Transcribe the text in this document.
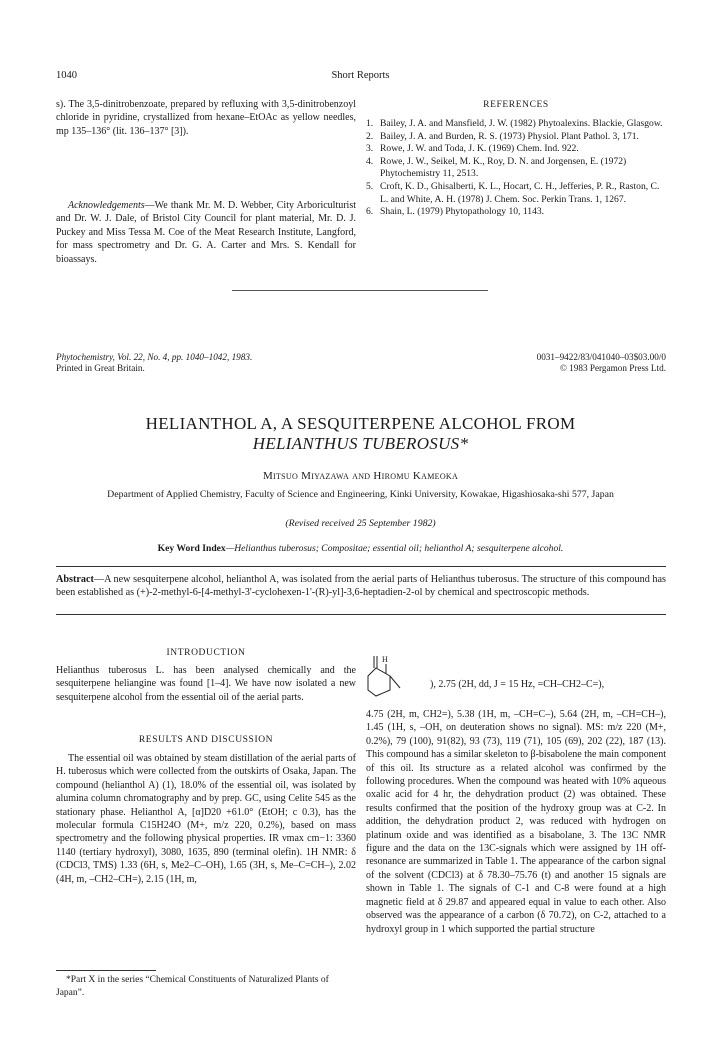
1040	Short Reports
s). The 3,5-dinitrobenzoate, prepared by refluxing with 3,5-dinitrobenzoyl chloride in pyridine, crystallized from hexane–EtOAc as yellow needles, mp 135–136° (lit. 136–137° [3]).
Acknowledgements—We thank Mr. M. D. Webber, City Arboriculturist and Dr. W. J. Dale, of Bristol City Council for plant material, Mr. D. J. Puckey and Miss Tessa M. Coe of the Meat Research Institute, Langford, for mass spectrometry and Dr. G. A. Carter and Mrs. S. Kendall for bioassays.
REFERENCES
1. Bailey, J. A. and Mansfield, J. W. (1982) Phytoalexins. Blackie, Glasgow.
2. Bailey, J. A. and Burden, R. S. (1973) Physiol. Plant Pathol. 3, 171.
3. Rowe, J. W. and Toda, J. K. (1969) Chem. Ind. 922.
4. Rowe, J. W., Seikel, M. K., Roy, D. N. and Jorgensen, E. (1972) Phytochemistry 11, 2513.
5. Croft, K. D., Ghisalberti, K. L., Hocart, C. H., Jefferies, P. R., Raston, C. L. and White, A. H. (1978) J. Chem. Soc. Perkin Trans. 1, 1267.
6. Shain, L. (1979) Phytopathology 10, 1143.
Phytochemistry, Vol. 22, No. 4, pp. 1040–1042, 1983.
Printed in Great Britain.
0031–9422/83/041040–03$03.00/0
© 1983 Pergamon Press Ltd.
HELIANTHOL A, A SESQUITERPENE ALCOHOL FROM
HELIANTHUS TUBEROSUS*
Mitsuo Miyazawa and Hiromu Kameoka
Department of Applied Chemistry, Faculty of Science and Engineering, Kinki University, Kowakae, Higashiosaka-shi 577, Japan
(Revised received 25 September 1982)
Key Word Index—Helianthus tuberosus; Compositae; essential oil; helianthol A; sesquiterpene alcohol.
Abstract—A new sesquiterpene alcohol, helianthol A, was isolated from the aerial parts of Helianthus tuberosus. The structure of this compound has been established as (+)-2-methyl-6-[4-methyl-3'-cyclohexen-1'-(R)-yl]-3,6-heptadien-2-ol by chemical and spectroscopic methods.
INTRODUCTION
Helianthus tuberosus L. has been analysed chemically and the sesquiterpene heliangine was found [1–4]. We have now isolated a new sesquiterpene alcohol from the essential oil of the aerial parts.
RESULTS AND DISCUSSION
The essential oil was obtained by steam distillation of the aerial parts of H. tuberosus which were collected from the outskirts of Osaka, Japan. The compound (helianthol A) (1), 18.0% of the essential oil, was isolated by alumina column chromatography and by prep. GC, using Celite 545 as the stationary phase. Helianthol A, [α]D20 +61.0° (EtOH; c 0.3), has the molecular formula C15H24O (M+, m/z 220, 0.2%), based on mass spectrometry and the following physical properties. IR νmax cm−1: 3360 1140 (tertiary hydroxyl), 3080, 1635, 890 (terminal olefin). 1H NMR: δ (CDCl3, TMS) 1.33 (6H, s, Me2–C–OH), 1.65 (3H, s, Me–C=CH–), 2.02 (4H, m, –CH2–CH=), 2.15 (1H, m,
*Part X in the series “Chemical Constituents of Naturalized Plants of Japan”.
H
), 2.75 (2H, dd, J = 15 Hz, =CH–CH2–C=),
4.75 (2H, m, CH2=), 5.38 (1H, m, –CH=C–), 5.64 (2H, m, –CH=CH–), 1.45 (1H, s, –OH, on deuteration shows no signal). MS: m/z 220 (M+, 0.2%), 79 (100), 91(82), 93 (73), 119 (71), 105 (69), 202 (22), 187 (13). This compound has a similar skeleton to β-bisabolene the main component of this oil. Its structure as a related alcohol was confirmed by the following procedures. When the compound was heated with 10% aqueous oxalic acid for 4 hr, the dehydration product (2) was obtained. These results confirmed that the position of the hydroxy group was at C-2. In addition, the dehydration product 2, was reduced with hydrogen on platinum oxide and was identified as a bisabolane, 3. The 13C NMR figure and the data on the 13C-signals which were assigned by 1H off-resonance are summarized in Table 1. The appearance of the carbon signal of the solvent (CDCl3) at δ 78.30–75.76 (t) and another 15 signals are shown in Table 1. The signals of C-1 and C-8 were found at a high magnetic field at δ 29.87 and appeared equal in value to each other. Also observed was the appearance of a carbon (δ 70.72), on C-2, attached to a hydroxyl group in 1 which supported the partial structure
